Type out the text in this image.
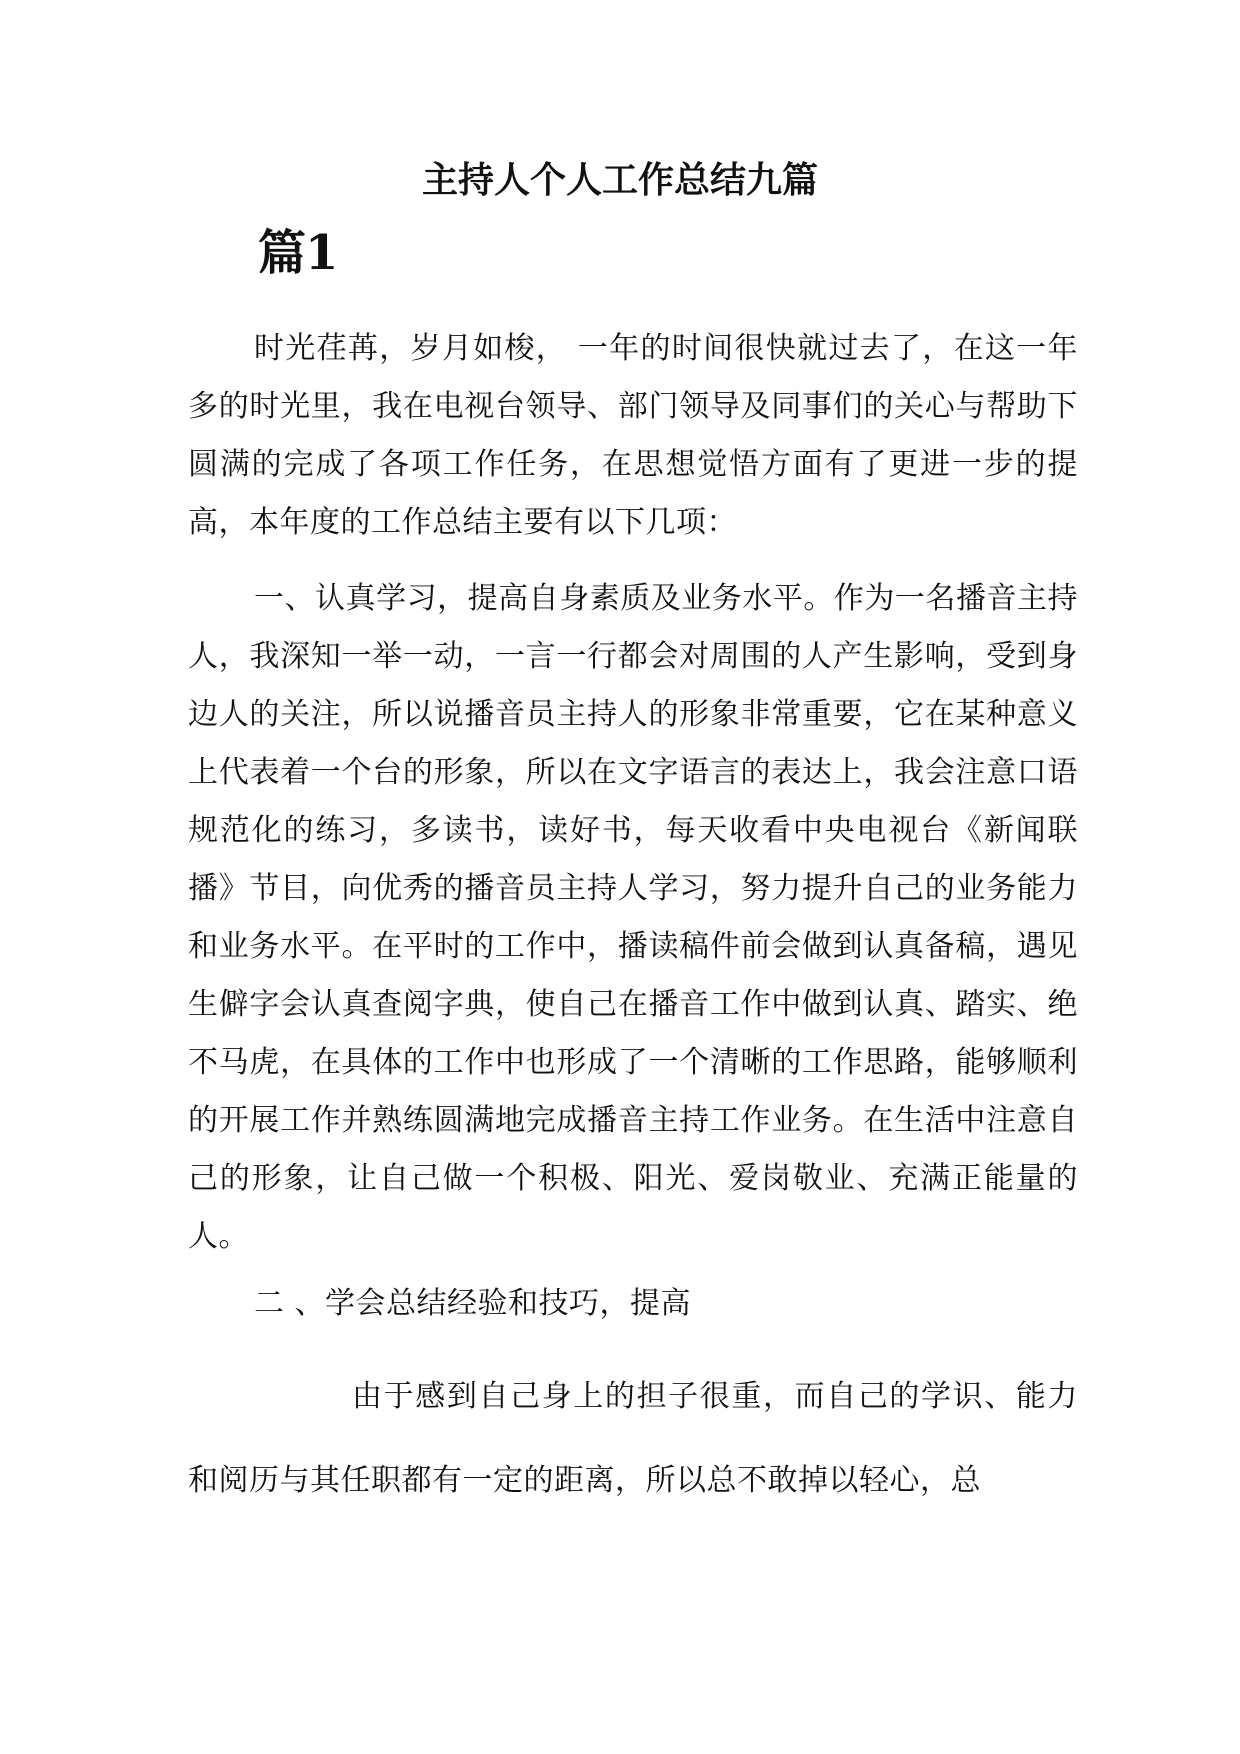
主持人个人工作总结九篇
篇1

时光荏苒，岁月如梭， 一年的时间很快就过去了，在这一年多的时光里，我在电视台领导、部门领导及同事们的关心与帮助下圆满的完成了各项工作任务，在思想觉悟方面有了更进一步的提高，本年度的工作总结主要有以下几项：

一、认真学习，提高自身素质及业务水平。作为一名播音主持人，我深知一举一动，一言一行都会对周围的人产生影响，受到身边人的关注，所以说播音员主持人的形象非常重要，它在某种意义上代表着一个台的形象，所以在文字语言的表达上，我会注意口语规范化的练习，多读书，读好书，每天收看中央电视台《新闻联播》节目，向优秀的播音员主持人学习，努力提升自己的业务能力和业务水平。在平时的工作中，播读稿件前会做到认真备稿，遇见生僻字会认真查阅字典，使自己在播音工作中做到认真、踏实、绝不马虎，在具体的工作中也形成了一个清晰的工作思路，能够顺利的开展工作并熟练圆满地完成播音主持工作业务。在生活中注意自己的形象，让自己做一个积极、阳光、爱岗敬业、充满正能量的人。

二 、学会总结经验和技巧，提高

由于感到自己身上的担子很重，而自己的学识、能力和阅历与其任职都有一定的距离，所以总不敢掉以轻心，总
